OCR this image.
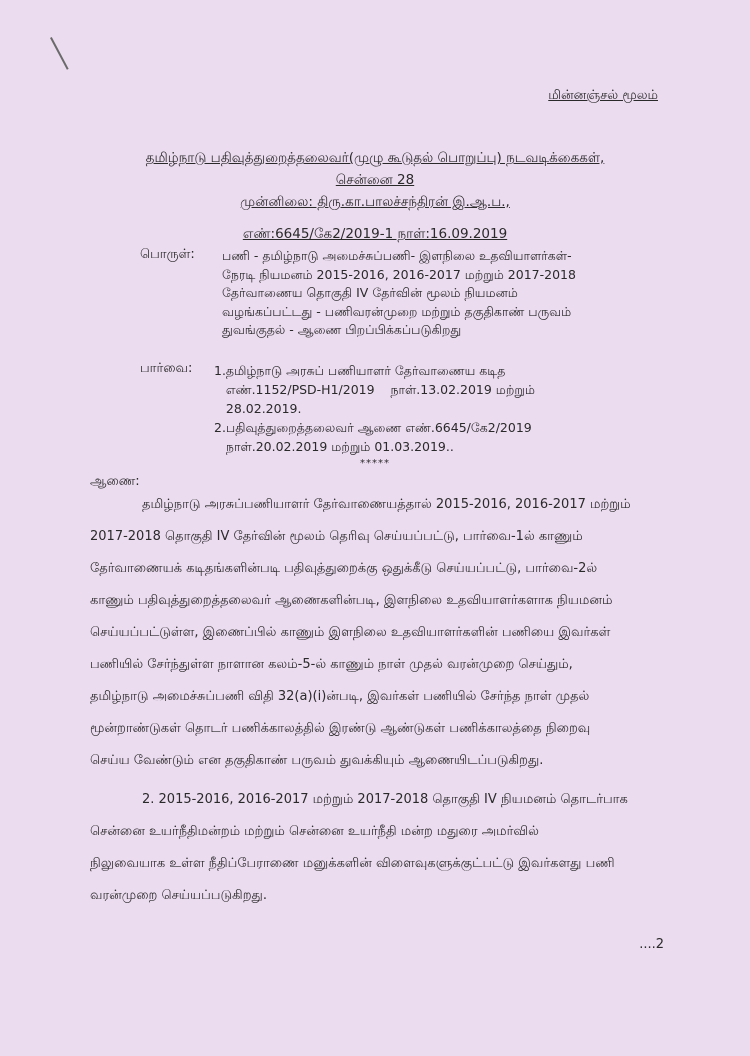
மின்னஞ்சல் மூலம்
தமிழ்நாடு பதிவுத்துறைத்தலைவர்(முழு கூடுதல் பொறுப்பு) நடவடிக்கைகள்,
சென்னை 28
முன்னிலை: திரு.கா.பாலச்சந்திரன் இ.ஆ.ப.,
எண்:6645/கே2/2019-1 நாள்:16.09.2019
பொருள்: பணி - தமிழ்நாடு அமைச்சுப்பணி- இளநிலை உதவியாளர்கள்-
நேரடி நியமனம் 2015-2016, 2016-2017 மற்றும் 2017-2018
தேர்வாணைய தொகுதி IV தேர்வின் மூலம் நியமனம்
வழங்கப்பட்டது - பணிவரன்முறை மற்றும் தகுதிகாண் பருவம்
துவங்குதல் - ஆணை பிறப்பிக்கப்படுகிறது
பார்வை: 1.தமிழ்நாடு அரசுப் பணியாளர் தேர்வாணைய கடித
எண்.1152/PSD-H1/2019    நாள்.13.02.2019 மற்றும்
28.02.2019.
2.பதிவுத்துறைத்தலைவர் ஆணை எண்.6645/கே2/2019
நாள்.20.02.2019 மற்றும் 01.03.2019..
*****
ஆணை:
தமிழ்நாடு அரசுப்பணியாளர் தேர்வாணையத்தால் 2015-2016, 2016-2017 மற்றும்
2017-2018 தொகுதி IV தேர்வின் மூலம் தெரிவு செய்யப்பட்டு, பார்வை-1ல் காணும்
தேர்வாணையக் கடிதங்களின்படி பதிவுத்துறைக்கு ஒதுக்கீடு செய்யப்பட்டு, பார்வை-2ல்
காணும் பதிவுத்துறைத்தலைவர் ஆணைகளின்படி, இளநிலை உதவியாளர்களாக நியமனம்
செய்யப்பட்டுள்ள, இணைப்பில் காணும் இளநிலை உதவியாளர்களின் பணியை இவர்கள்
பணியில் சேர்ந்துள்ள நாளான கலம்-5-ல் காணும் நாள் முதல் வரன்முறை செய்தும்,
தமிழ்நாடு அமைச்சுப்பணி விதி 32(a)(i)ன்படி, இவர்கள் பணியில் சேர்ந்த நாள் முதல்
மூன்றாண்டுகள் தொடர் பணிக்காலத்தில் இரண்டு ஆண்டுகள் பணிக்காலத்தை நிறைவு
செய்ய வேண்டும் என தகுதிகாண் பருவம் துவக்கியும் ஆணையிடப்படுகிறது.
2. 2015-2016, 2016-2017 மற்றும் 2017-2018 தொகுதி IV நியமனம் தொடர்பாக
சென்னை உயர்நீதிமன்றம் மற்றும் சென்னை உயர்நீதி மன்ற மதுரை அமர்வில்
நிலுவையாக உள்ள நீதிப்பேராணை மனுக்களின் விளைவுகளுக்குட்பட்டு இவர்களது பணி
வரன்முறை செய்யப்படுகிறது.
....2
